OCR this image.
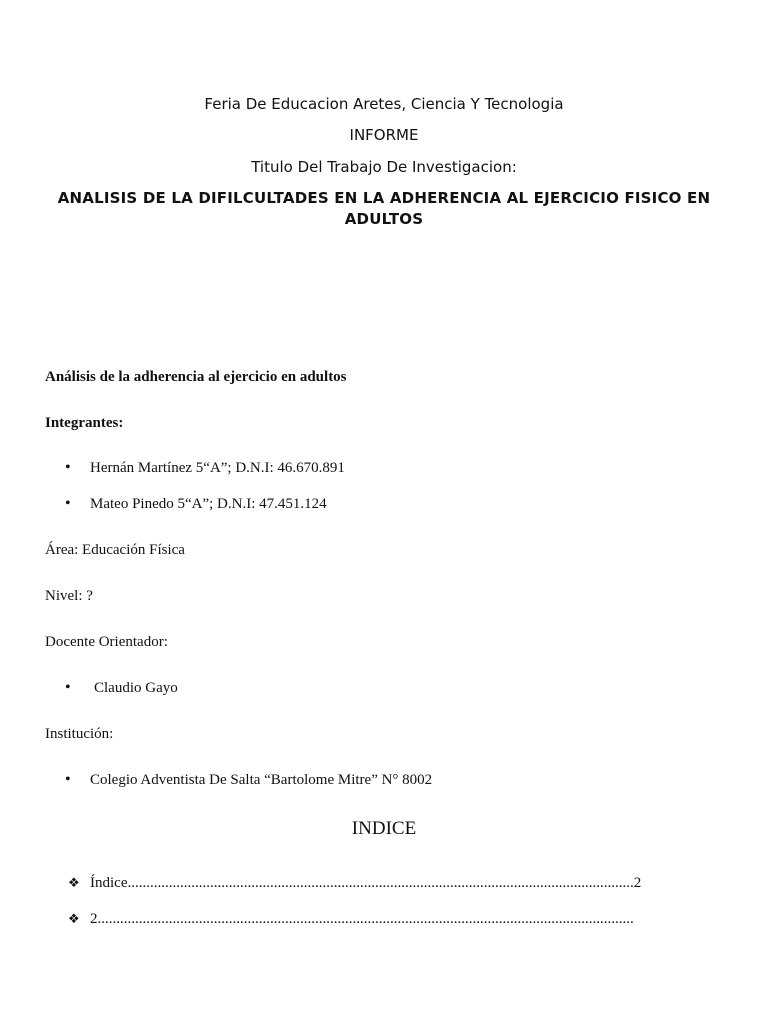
Feria De Educacion Aretes, Ciencia Y Tecnologia
INFORME
Titulo Del Trabajo De Investigacion:
ANALISIS DE LA DIFILCULTADES EN LA ADHERENCIA AL EJERCICIO FISICO EN ADULTOS
Análisis de la adherencia al ejercicio en adultos
Integrantes:
•	Hernán Martínez 5“A”; D.N.I: 46.670.891
•	Mateo Pinedo 5“A”; D.N.I: 47.451.124
Área: Educación Física
Nivel: ?
Docente Orientador:
•	Claudio Gayo
Institución:
•	Colegio Adventista De Salta “Bartolome Mitre” N° 8002
INDICE
❖ Índice.......................................................................................................................................2
❖ 2...............................................................................................................................................
